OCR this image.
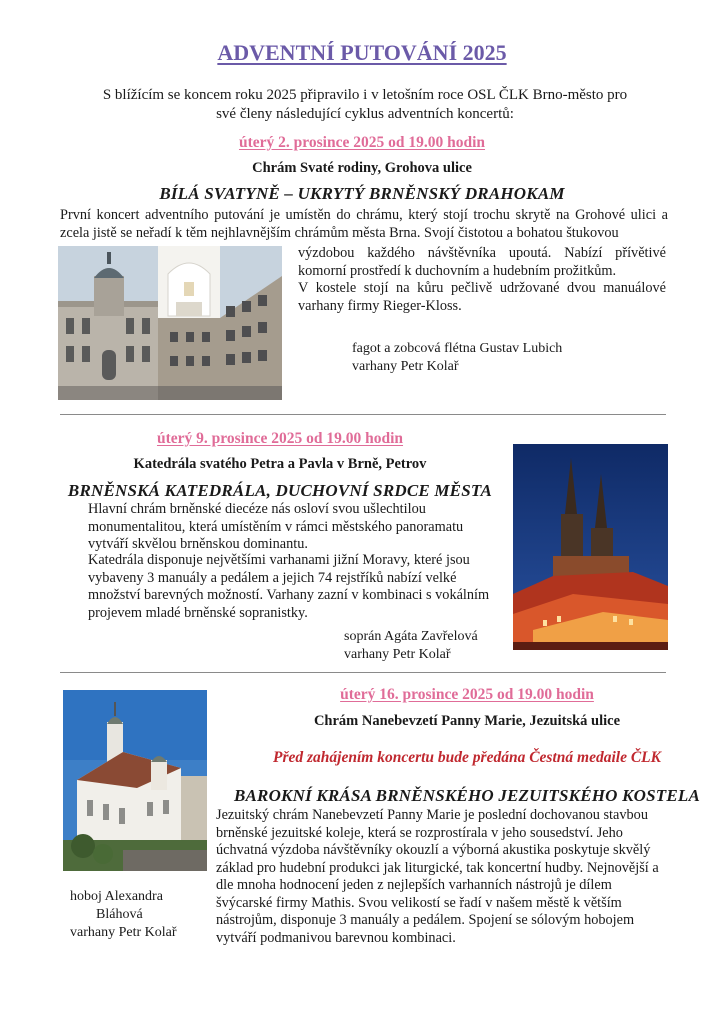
ADVENTNÍ PUTOVÁNÍ 2025
S blížícím se koncem roku 2025 připravilo i v letošním roce OSL ČLK Brno-město pro
své členy následující cyklus adventních koncertů:
úterý 2. prosince 2025 od 19.00 hodin
Chrám Svaté rodiny, Grohova ulice
BÍLÁ SVATYNĚ – UKRYTÝ BRNĚNSKÝ DRAHOKAM
První koncert adventního putování je umístěn do chrámu, který stojí trochu skrytě na Grohové ulici a zcela jistě se neřadí k těm nejhlavnějším chrámům města Brna. Svojí čistotou a bohatou štukovou
výzdobou každého návštěvníka upoutá. Nabízí přívětivé komorní prostředí k duchovním a hudebním prožitkům.
V kostele stojí na kůru pečlivě udržované dvou manuálové varhany firmy Rieger-Kloss.
fagot a zobcová flétna Gustav Lubich
varhany Petr Kolař
úterý 9. prosince 2025 od 19.00 hodin
Katedrála svatého Petra a Pavla v Brně, Petrov
BRNĚNSKÁ KATEDRÁLA, DUCHOVNÍ SRDCE MĚSTA
Hlavní chrám brněnské diecéze nás osloví svou ušlechtilou monumentalitou, která umístěním v rámci městského panoramatu vytváří skvělou brněnskou dominantu.
Katedrála disponuje největšími varhanami jižní Moravy, které jsou vybaveny 3 manuály a pedálem a jejich 74 rejstříků nabízí velké množství barevných možností. Varhany zazní v kombinaci s vokálním projevem mladé brněnské sopranistky.
soprán Agáta Zavřelová
varhany Petr Kolař
úterý 16. prosince 2025 od 19.00 hodin
Chrám Nanebevzetí Panny Marie, Jezuitská ulice
Před zahájením koncertu bude předána Čestná medaile ČLK
BAROKNÍ KRÁSA BRNĚNSKÉHO JEZUITSKÉHO KOSTELA
Jezuitský chrám Nanebevzetí Panny Marie je poslední dochovanou stavbou brněnské jezuitské koleje, která se rozprostírala v jeho sousedství. Jeho úchvatná výzdoba návštěvníky okouzlí a výborná akustika poskytuje skvělý základ pro hudební produkci jak liturgické, tak koncertní hudby. Nejnovější a dle mnoha hodnocení jeden z nejlepších varhanních nástrojů je dílem švýcarské firmy Mathis. Svou velikostí se řadí v našem městě k větším nástrojům, disponuje 3 manuály a pedálem. Spojení se sólovým hobojem vytváří podmanivou barevnou kombinaci.
hoboj Alexandra
Bláhová
varhany Petr Kolař
